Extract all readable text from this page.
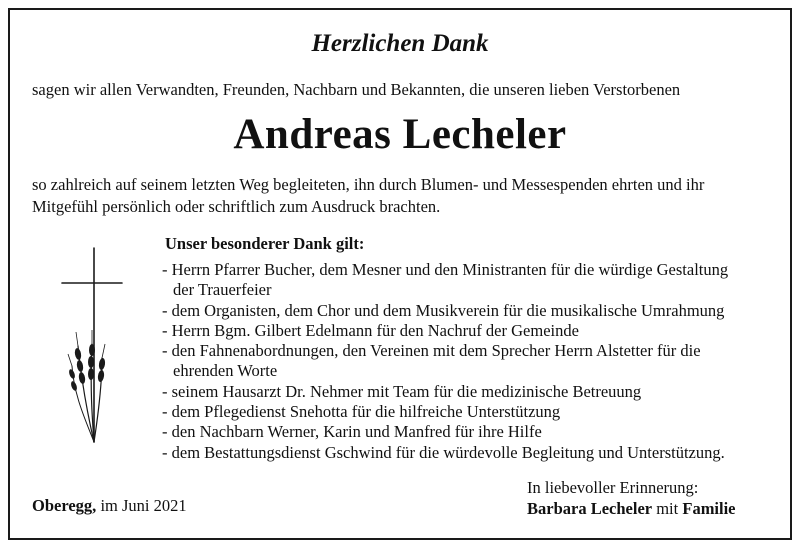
Herzlichen Dank
sagen wir allen Verwandten, Freunden, Nachbarn und Bekannten, die unseren lieben Verstorbenen
Andreas Lecheler
so zahlreich auf seinem letzten Weg begleiteten, ihn durch Blumen- und Messespenden ehrten und ihr
Mitgefühl persönlich oder schriftlich zum Ausdruck brachten.
Unser besonderer Dank gilt:
- Herrn Pfarrer Bucher, dem Mesner und den Ministranten für die würdige Gestaltung
der Trauerfeier
- dem Organisten, dem Chor und dem Musikverein für die musikalische Umrahmung
- Herrn Bgm. Gilbert Edelmann für den Nachruf der Gemeinde
- den Fahnenabordnungen, den Vereinen mit dem Sprecher Herrn Alstetter für die
ehrenden Worte
- seinem Hausarzt Dr. Nehmer mit Team für die medizinische Betreuung
- dem Pflegedienst Snehotta für die hilfreiche Unterstützung
- den Nachbarn Werner, Karin und Manfred für ihre Hilfe
- dem Bestattungsdienst Gschwind für die würdevolle Begleitung und Unterstützung.
Oberegg, im Juni 2021
In liebevoller Erinnerung:
Barbara Lecheler mit Familie
